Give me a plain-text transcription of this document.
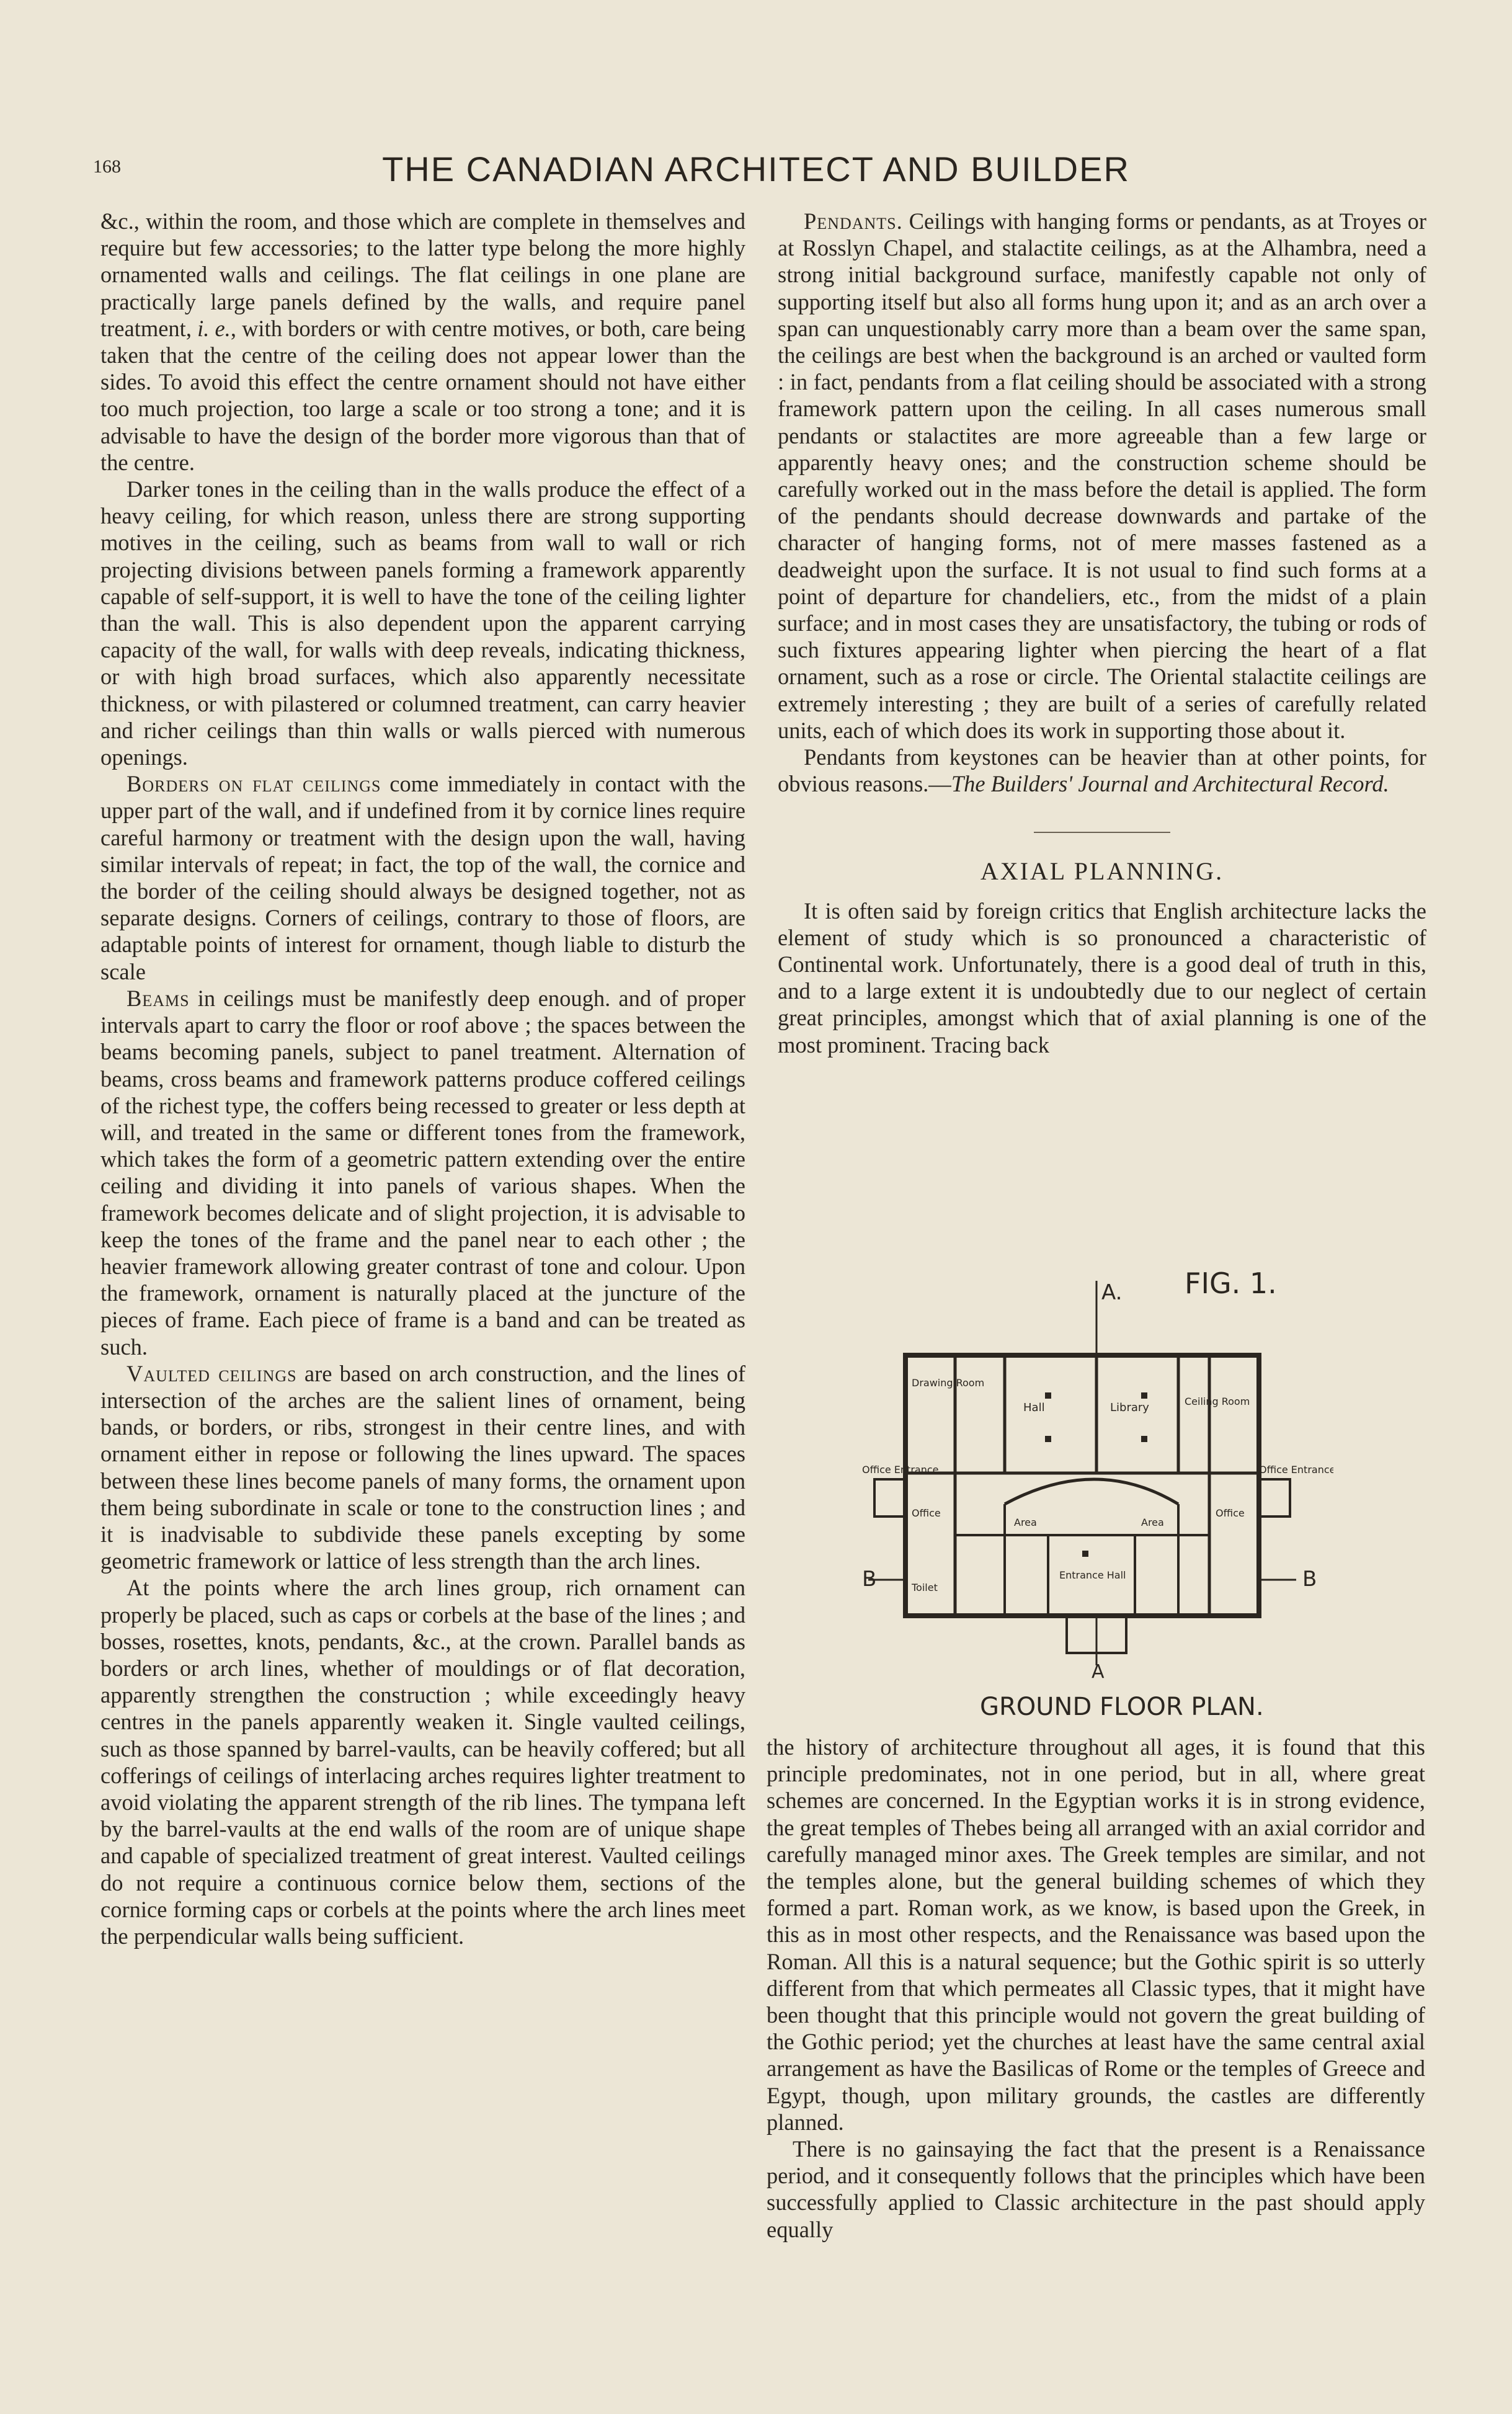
168	THE CANADIAN ARCHITECT AND BUILDER

&c., within the room, and those which are complete in themselves and require but few accessories; to the latter type belong the more highly ornamented walls and ceilings. The flat ceilings in one plane are practically large panels defined by the walls, and require panel treatment, i. e., with borders or with centre motives, or both, care being taken that the centre of the ceiling does not appear lower than the sides. To avoid this effect the centre ornament should not have either too much projection, too large a scale or too strong a tone; and it is advisable to have the design of the border more vigorous than that of the centre.

Darker tones in the ceiling than in the walls produce the effect of a heavy ceiling, for which reason, unless there are strong supporting motives in the ceiling, such as beams from wall to wall or rich projecting divisions between panels forming a framework apparently capable of self-support, it is well to have the tone of the ceiling lighter than the wall. This is also dependent upon the apparent carrying capacity of the wall, for walls with deep reveals, indicating thickness, or with high broad surfaces, which also apparently necessitate thickness, or with pilastered or columned treatment, can carry heavier and richer ceilings than thin walls or walls pierced with numerous openings.

Borders on flat ceilings come immediately in contact with the upper part of the wall, and if undefined from it by cornice lines require careful harmony or treatment with the design upon the wall, having similar intervals of repeat; in fact, the top of the wall, the cornice and the border of the ceiling should always be designed together, not as separate designs. Corners of ceilings, contrary to those of floors, are adaptable points of interest for ornament, though liable to disturb the scale

Beams in ceilings must be manifestly deep enough. and of proper intervals apart to carry the floor or roof above ; the spaces between the beams becoming panels, subject to panel treatment. Alternation of beams, cross beams and framework patterns produce coffered ceilings of the richest type, the coffers being recessed to greater or less depth at will, and treated in the same or different tones from the framework, which takes the form of a geometric pattern extending over the entire ceiling and dividing it into panels of various shapes. When the framework becomes delicate and of slight projection, it is advisable to keep the tones of the frame and the panel near to each other ; the heavier framework allowing greater contrast of tone and colour. Upon the framework, ornament is naturally placed at the juncture of the pieces of frame. Each piece of frame is a band and can be treated as such.

Vaulted ceilings are based on arch construction, and the lines of intersection of the arches are the salient lines of ornament, being bands, or borders, or ribs, strongest in their centre lines, and with ornament either in repose or following the lines upward. The spaces between these lines become panels of many forms, the ornament upon them being subordinate in scale or tone to the construction lines ; and it is inadvisable to subdivide these panels excepting by some geometric framework or lattice of less strength than the arch lines.

At the points where the arch lines group, rich ornament can properly be placed, such as caps or corbels at the base of the lines ; and bosses, rosettes, knots, pendants, &c., at the crown. Parallel bands as borders or arch lines, whether of mouldings or of flat decoration, apparently strengthen the construction ; while exceedingly heavy centres in the panels apparently weaken it. Single vaulted ceilings, such as those spanned by barrel-vaults, can be heavily coffered; but all cofferings of ceilings of interlacing arches requires lighter treatment to avoid violating the apparent strength of the rib lines. The tympana left by the barrel-vaults at the end walls of the room are of unique shape and capable of specialized treatment of great interest. Vaulted ceilings do not require a continuous cornice below them, sections of the cornice forming caps or corbels at the points where the arch lines meet the perpendicular walls being sufficient.

Pendants. Ceilings with hanging forms or pendants, as at Troyes or at Rosslyn Chapel, and stalactite ceilings, as at the Alhambra, need a strong initial background surface, manifestly capable not only of supporting itself but also all forms hung upon it; and as an arch over a span can unquestionably carry more than a beam over the same span, the ceilings are best when the background is an arched or vaulted form : in fact, pendants from a flat ceiling should be associated with a strong framework pattern upon the ceiling. In all cases numerous small pendants or stalactites are more agreeable than a few large or apparently heavy ones; and the construction scheme should be carefully worked out in the mass before the detail is applied. The form of the pendants should decrease downwards and partake of the character of hanging forms, not of mere masses fastened as a deadweight upon the surface. It is not usual to find such forms at a point of departure for chandeliers, etc., from the midst of a plain surface; and in most cases they are unsatisfactory, the tubing or rods of such fixtures appearing lighter when piercing the heart of a flat ornament, such as a rose or circle. The Oriental stalactite ceilings are extremely interesting ; they are built of a series of carefully related units, each of which does its work in supporting those about it.

Pendants from keystones can be heavier than at other points, for obvious reasons.—The Builders' Journal and Architectural Record.

AXIAL PLANNING.

It is often said by foreign critics that English architecture lacks the element of study which is so pronounced a characteristic of Continental work. Unfortunately, there is a good deal of truth in this, and to a large extent it is undoubtedly due to our neglect of certain great principles, amongst which that of axial planning is one of the most prominent. Tracing back

FIG. 1.
A.
B	B
A
Hall	Library
Drawing Room
Ceiling Room
Office Entrance	Office Entrance
Area	Area
Office	Office
Toilet
Entrance Hall
GROUND FLOOR PLAN.

the history of architecture throughout all ages, it is found that this principle predominates, not in one period, but in all, where great schemes are concerned. In the Egyptian works it is in strong evidence, the great temples of Thebes being all arranged with an axial corridor and carefully managed minor axes. The Greek temples are similar, and not the temples alone, but the general building schemes of which they formed a part. Roman work, as we know, is based upon the Greek, in this as in most other respects, and the Renaissance was based upon the Roman. All this is a natural sequence; but the Gothic spirit is so utterly different from that which permeates all Classic types, that it might have been thought that this principle would not govern the great building of the Gothic period; yet the churches at least have the same central axial arrangement as have the Basilicas of Rome or the temples of Greece and Egypt, though, upon military grounds, the castles are differently planned.

There is no gainsaying the fact that the present is a Renaissance period, and it consequently follows that the principles which have been successfully applied to Classic architecture in the past should apply equally
